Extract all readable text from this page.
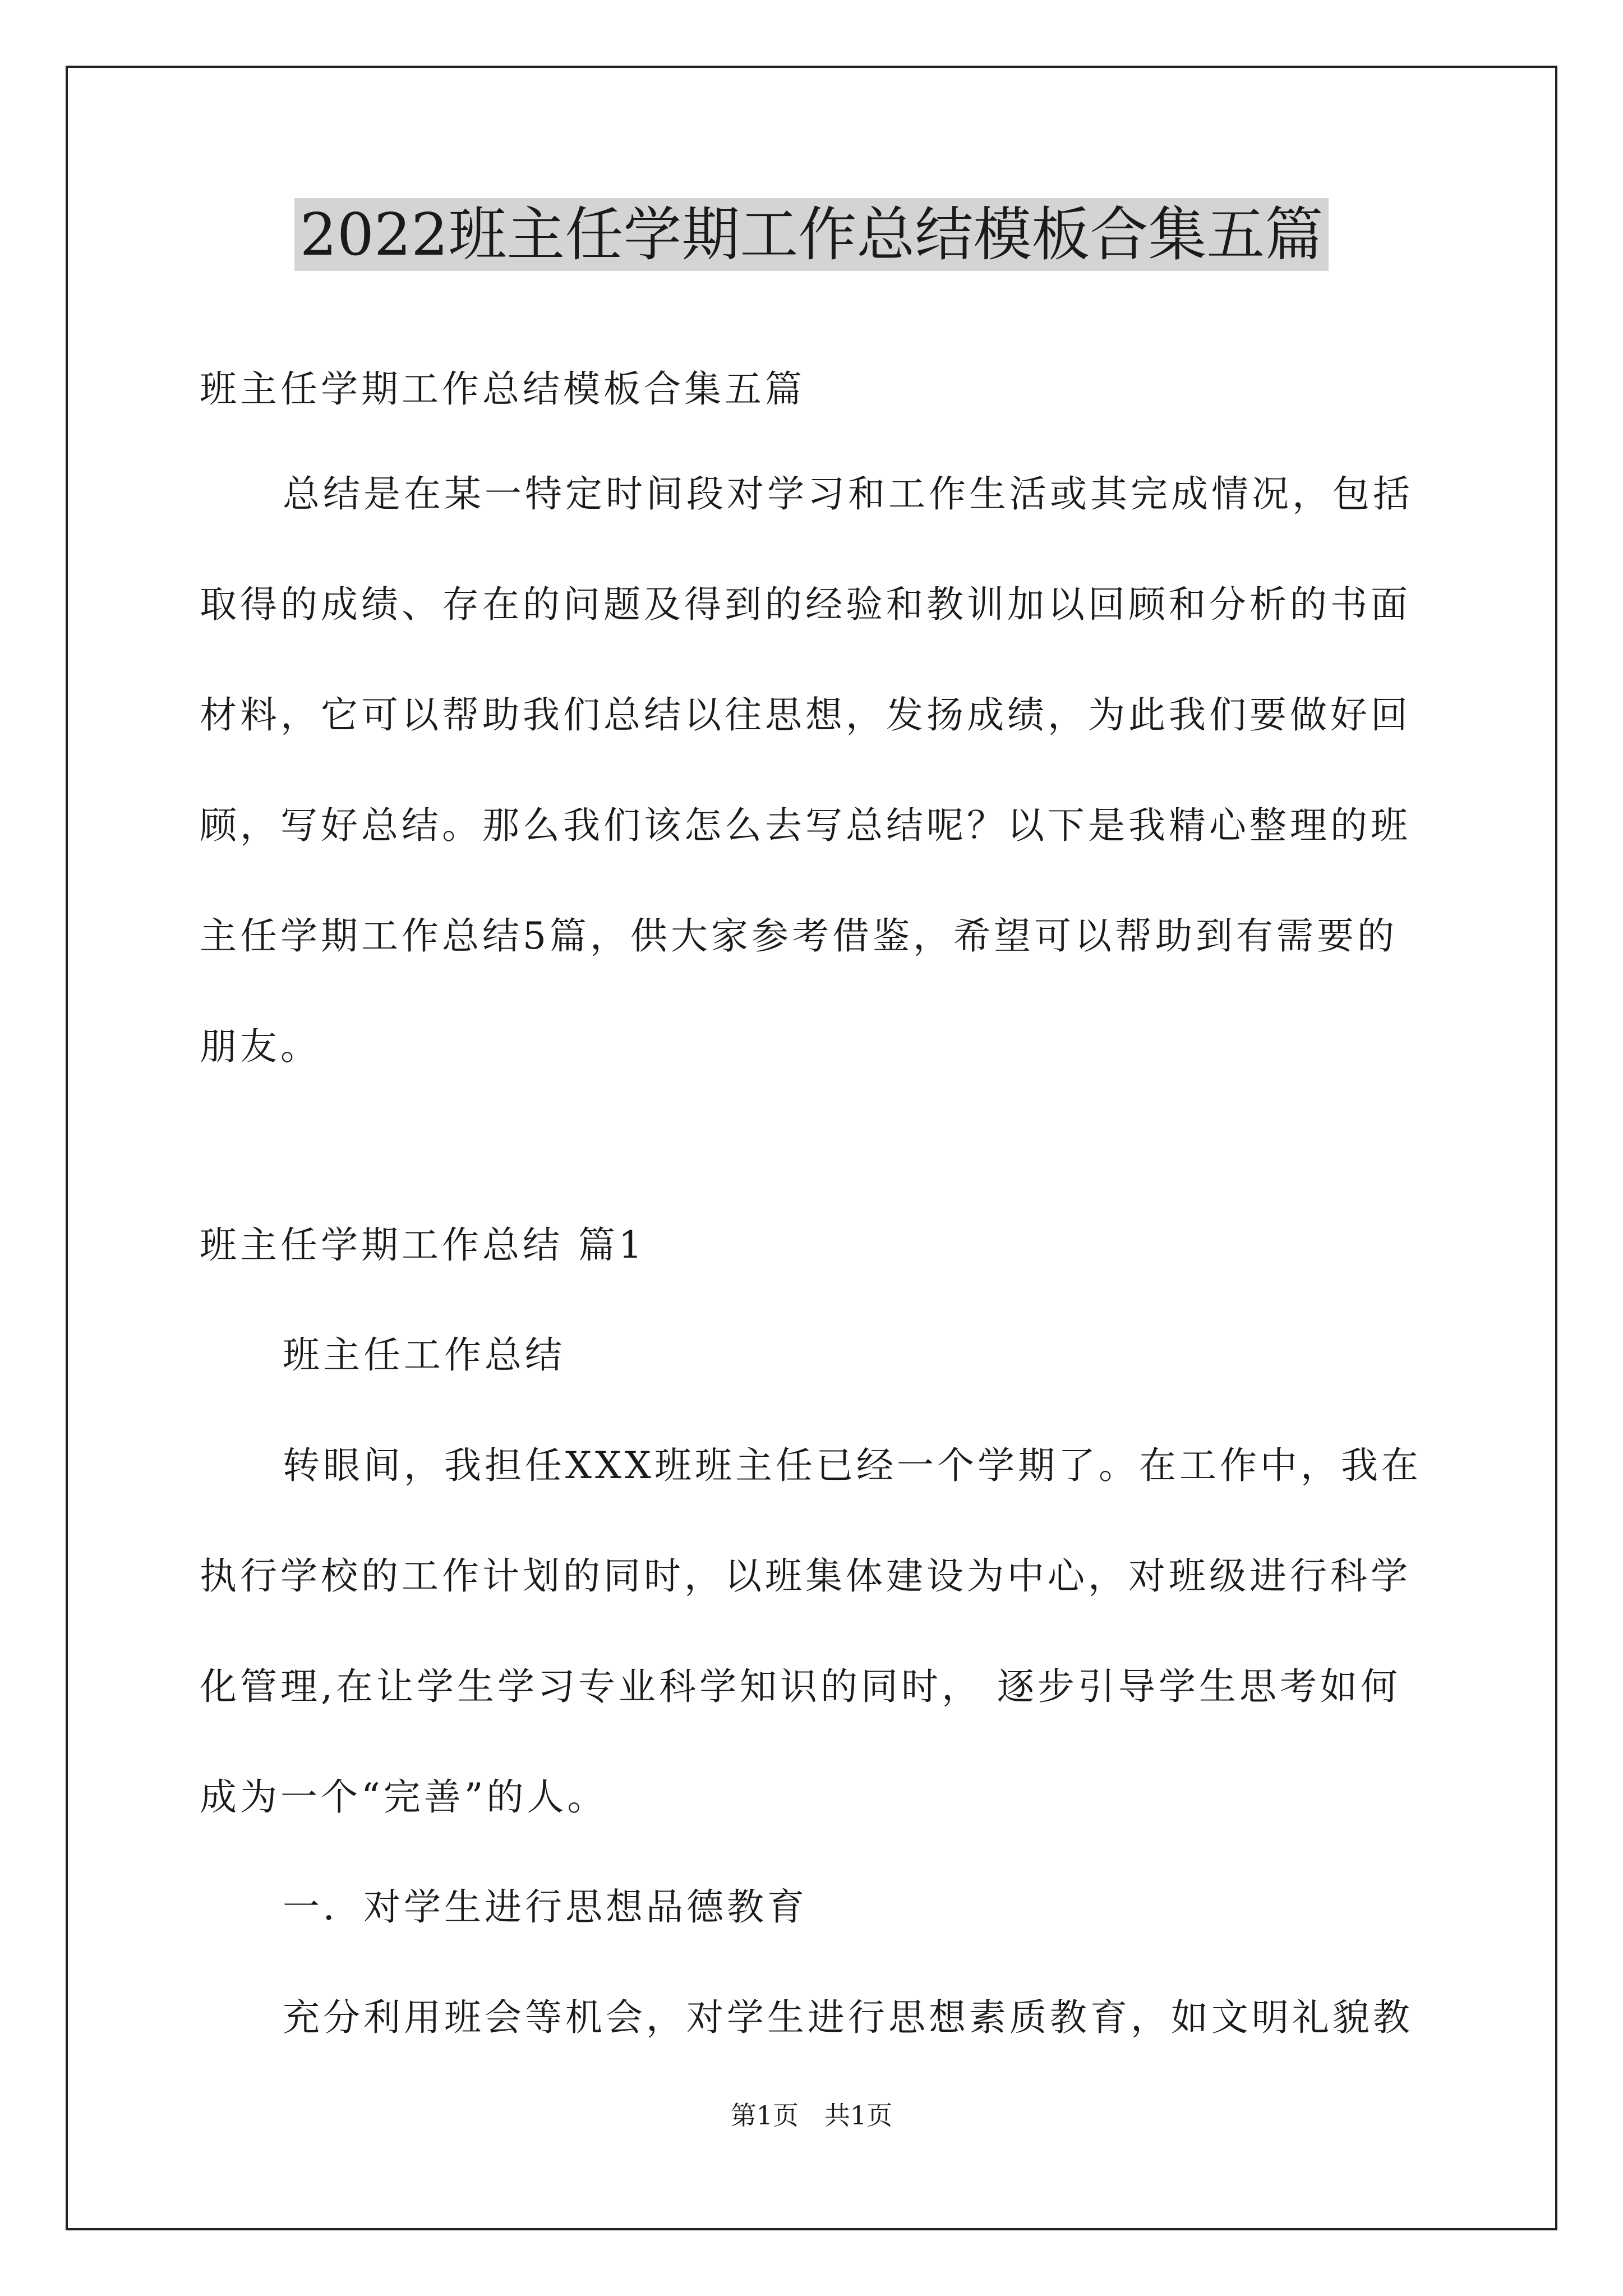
2022班主任学期工作总结模板合集五篇
班主任学期工作总结模板合集五篇
总结是在某一特定时间段对学习和工作生活或其完成情况，包括
取得的成绩、存在的问题及得到的经验和教训加以回顾和分析的书面
材料，它可以帮助我们总结以往思想，发扬成绩，为此我们要做好回
顾，写好总结。那么我们该怎么去写总结呢？以下是我精心整理的班
主任学期工作总结5篇，供大家参考借鉴，希望可以帮助到有需要的
朋友。
班主任学期工作总结 篇1
班主任工作总结
转眼间，我担任XXX班班主任已经一个学期了。在工作中，我在
执行学校的工作计划的同时，以班集体建设为中心，对班级进行科学
化管理,在让学生学习专业科学知识的同时， 逐步引导学生思考如何
成为一个“完善”的人。
一．对学生进行思想品德教育
充分利用班会等机会，对学生进行思想素质教育，如文明礼貌教
第1页　共1页
